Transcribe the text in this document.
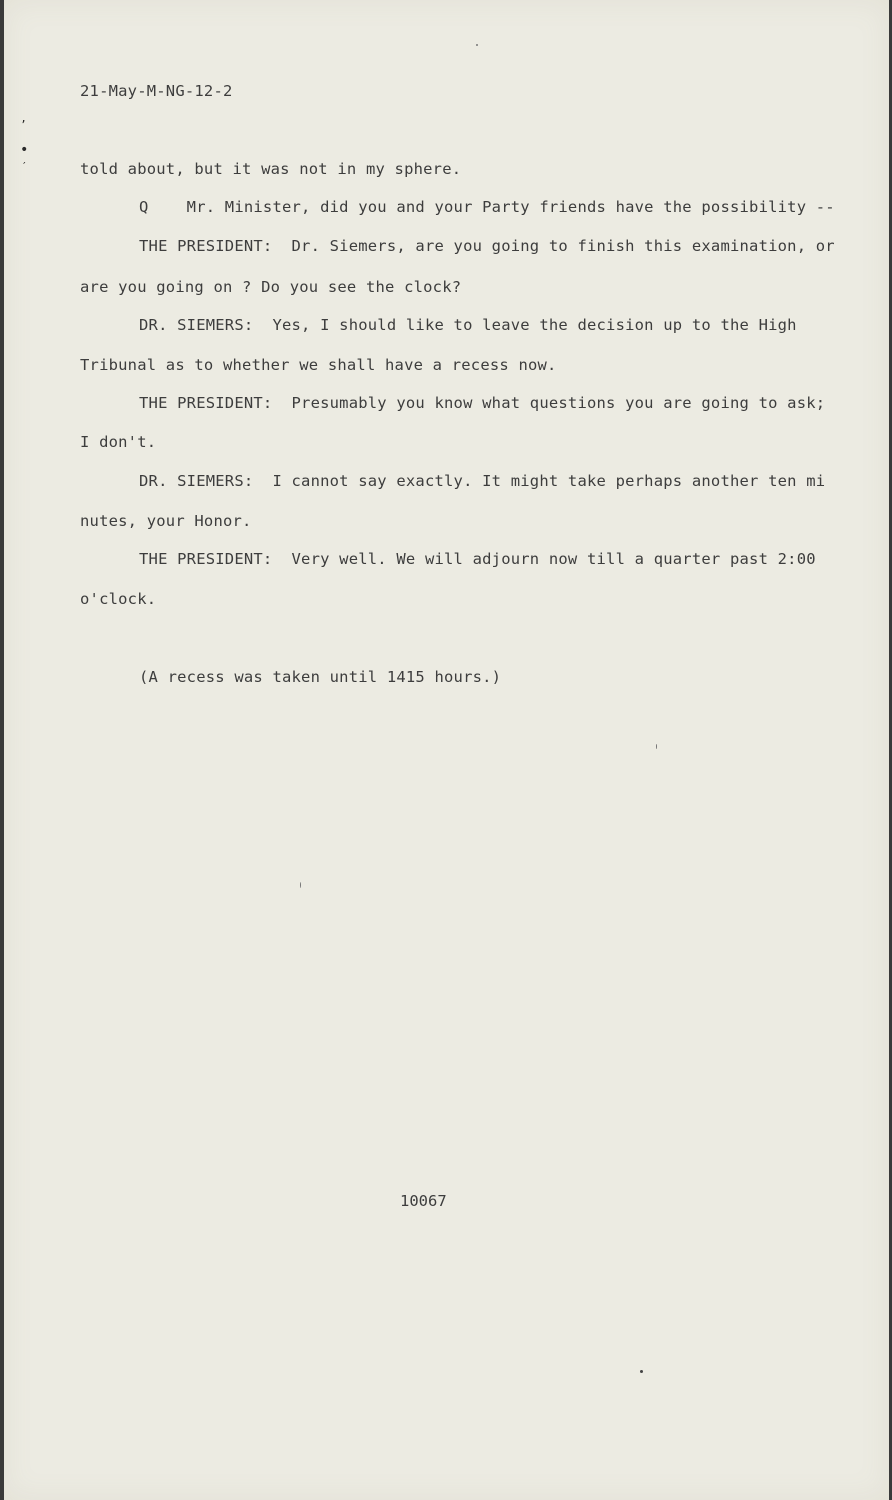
’
•
′
21-May-M-NG-12-2
told about, but it was not in my sphere.
Q    Mr. Minister, did you and your Party friends have the possibility --
THE PRESIDENT:  Dr. Siemers, are you going to finish this examination, or
are you going on ? Do you see the clock?
DR. SIEMERS:  Yes, I should like to leave the decision up to the High
Tribunal as to whether we shall have a recess now.
THE PRESIDENT:  Presumably you know what questions you are going to ask;
I don't.
DR. SIEMERS:  I cannot say exactly. It might take perhaps another ten mi
nutes, your Honor.
THE PRESIDENT:  Very well. We will adjourn now till a quarter past 2:00
o'clock.
(A recess was taken until 1415 hours.)
10067
